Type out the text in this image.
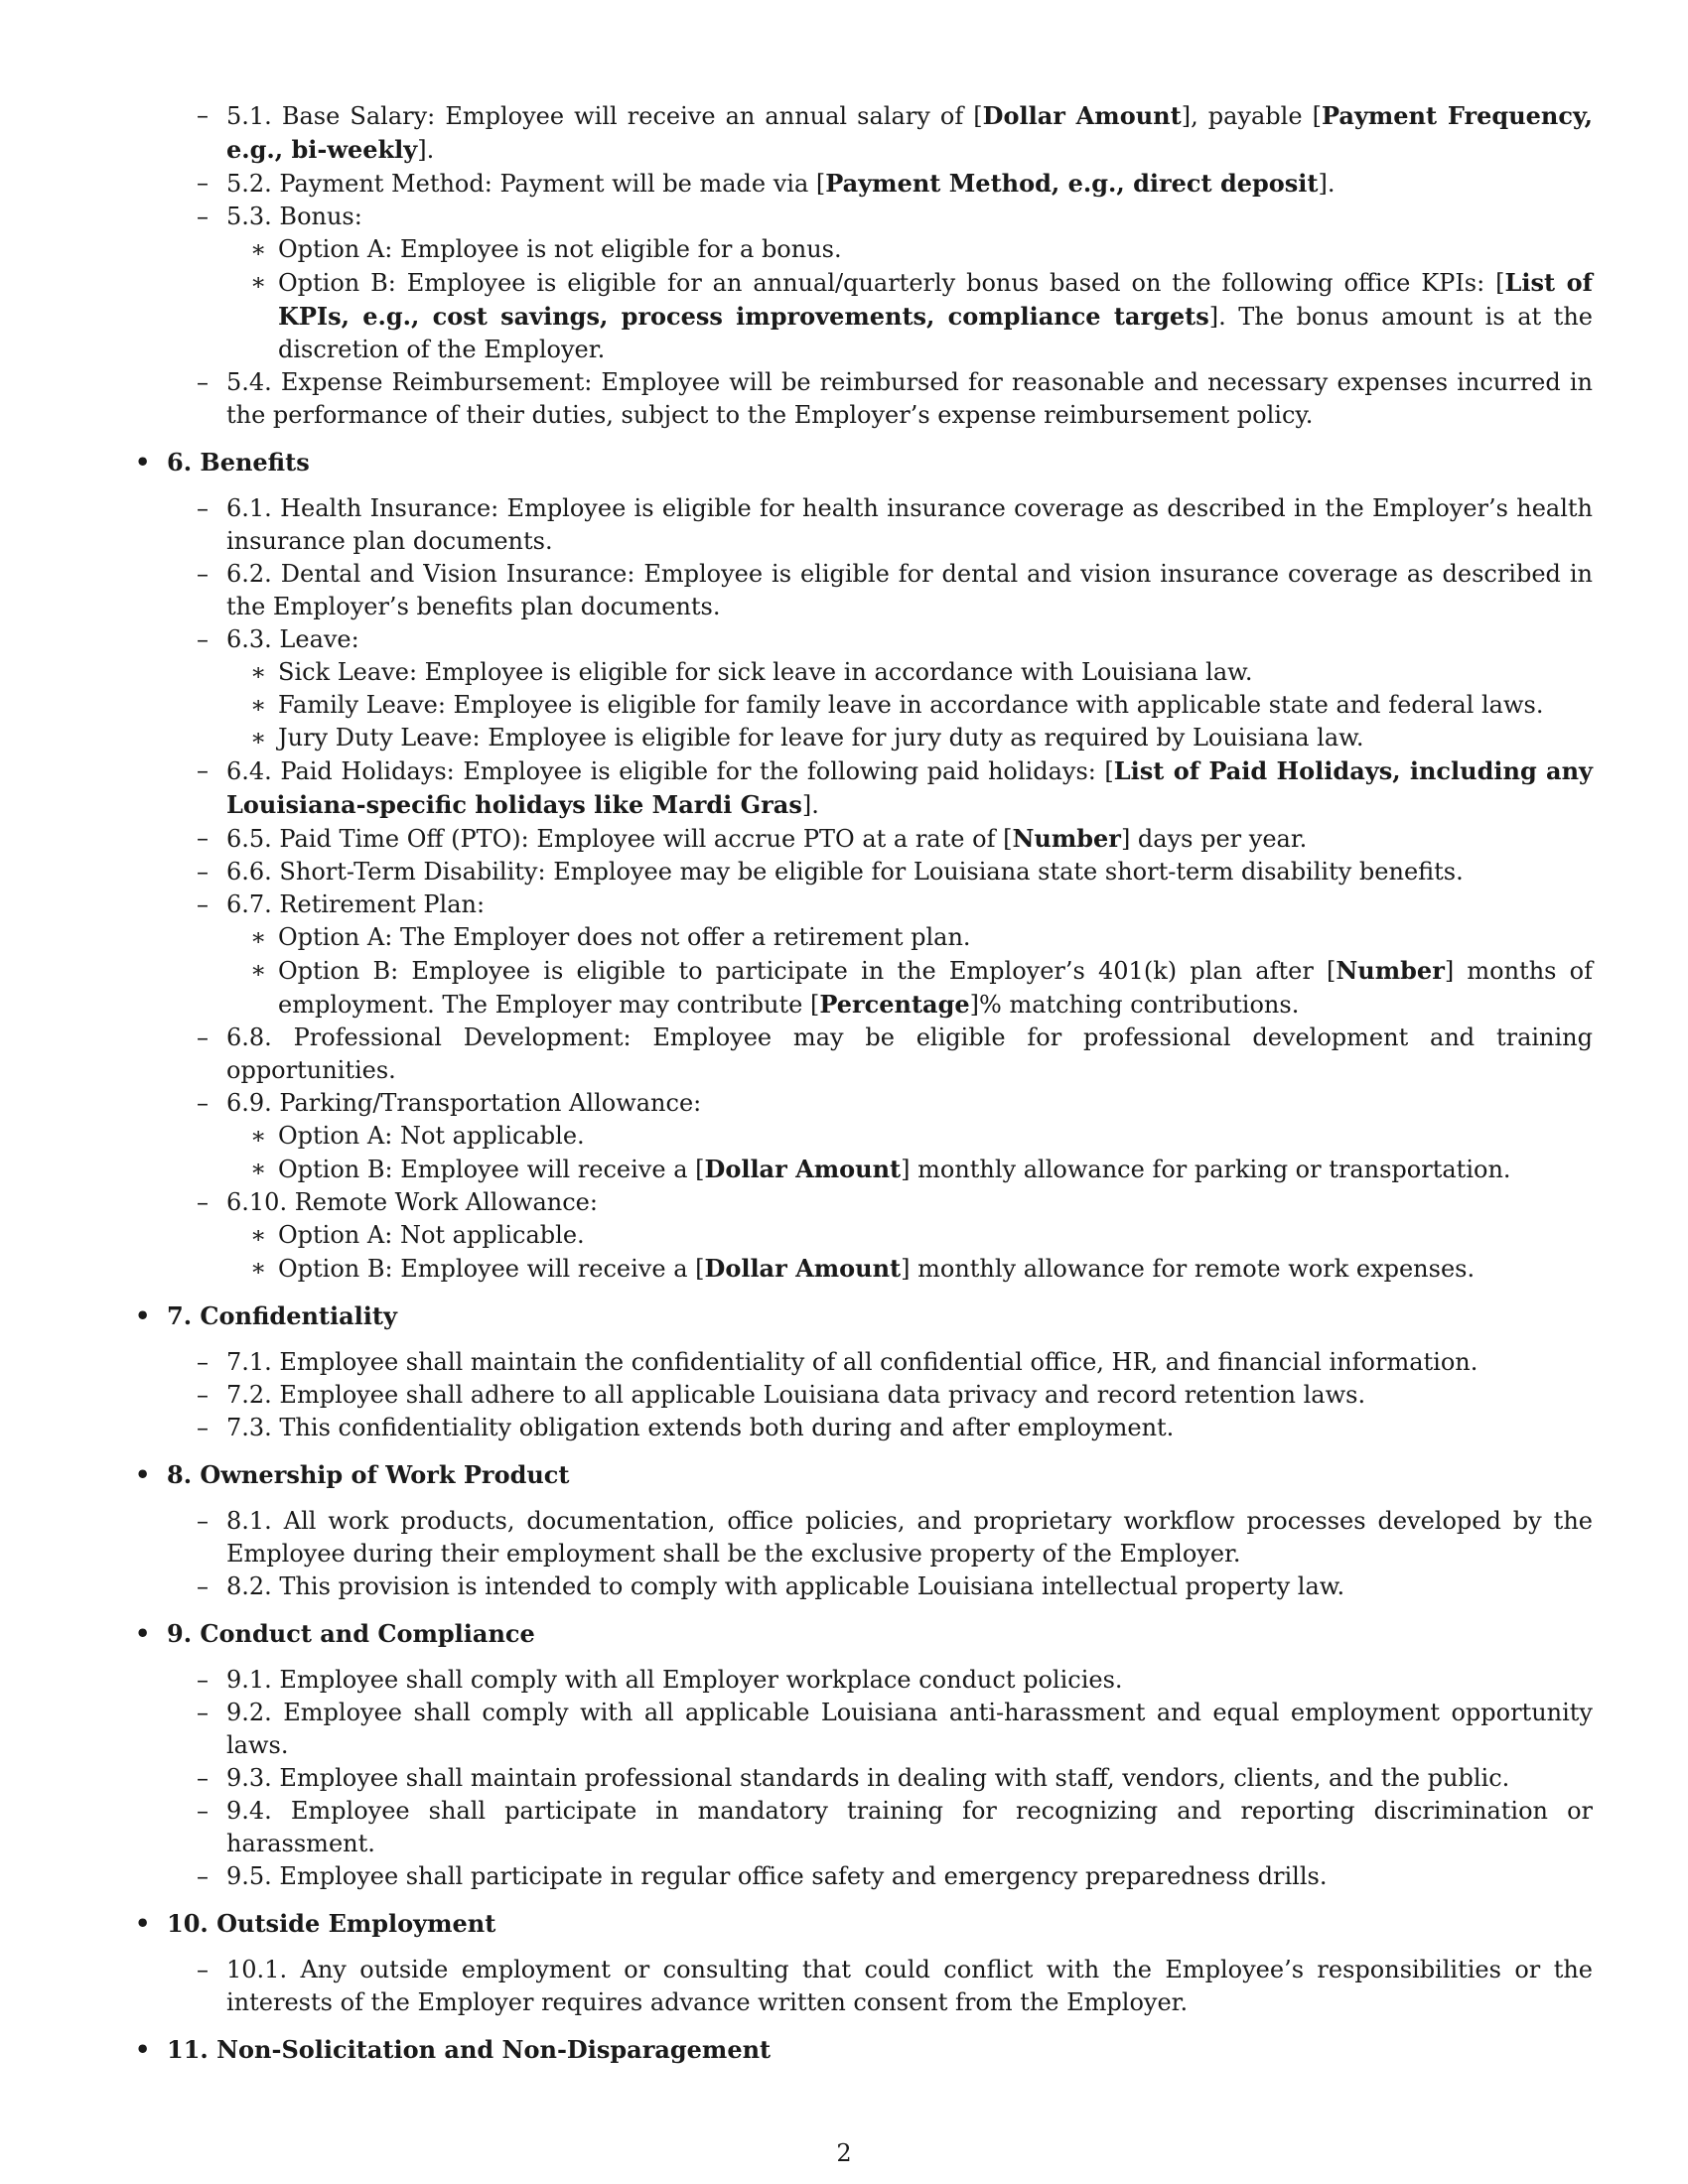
– 5.1. Base Salary: Employee will receive an annual salary of [Dollar Amount], payable [Payment Frequency, e.g., bi-weekly].
– 5.2. Payment Method: Payment will be made via [Payment Method, e.g., direct deposit].
– 5.3. Bonus:
∗ Option A: Employee is not eligible for a bonus.
∗ Option B: Employee is eligible for an annual/quarterly bonus based on the following office KPIs: [List of KPIs, e.g., cost savings, process improvements, compliance targets]. The bonus amount is at the discretion of the Employer.
– 5.4. Expense Reimbursement: Employee will be reimbursed for reasonable and necessary expenses incurred in the performance of their duties, subject to the Employer’s expense reimbursement policy.
• 6. Benefits
– 6.1. Health Insurance: Employee is eligible for health insurance coverage as described in the Employer’s health insurance plan documents.
– 6.2. Dental and Vision Insurance: Employee is eligible for dental and vision insurance coverage as described in the Employer’s benefits plan documents.
– 6.3. Leave:
∗ Sick Leave: Employee is eligible for sick leave in accordance with Louisiana law.
∗ Family Leave: Employee is eligible for family leave in accordance with applicable state and federal laws.
∗ Jury Duty Leave: Employee is eligible for leave for jury duty as required by Louisiana law.
– 6.4. Paid Holidays: Employee is eligible for the following paid holidays: [List of Paid Holidays, including any Louisiana-specific holidays like Mardi Gras].
– 6.5. Paid Time Off (PTO): Employee will accrue PTO at a rate of [Number] days per year.
– 6.6. Short-Term Disability: Employee may be eligible for Louisiana state short-term disability benefits.
– 6.7. Retirement Plan:
∗ Option A: The Employer does not offer a retirement plan.
∗ Option B: Employee is eligible to participate in the Employer’s 401(k) plan after [Number] months of employment. The Employer may contribute [Percentage]% matching contributions.
– 6.8. Professional Development: Employee may be eligible for professional development and training opportunities.
– 6.9. Parking/Transportation Allowance:
∗ Option A: Not applicable.
∗ Option B: Employee will receive a [Dollar Amount] monthly allowance for parking or transportation.
– 6.10. Remote Work Allowance:
∗ Option A: Not applicable.
∗ Option B: Employee will receive a [Dollar Amount] monthly allowance for remote work expenses.
• 7. Confidentiality
– 7.1. Employee shall maintain the confidentiality of all confidential office, HR, and financial information.
– 7.2. Employee shall adhere to all applicable Louisiana data privacy and record retention laws.
– 7.3. This confidentiality obligation extends both during and after employment.
• 8. Ownership of Work Product
– 8.1. All work products, documentation, office policies, and proprietary workflow processes developed by the Employee during their employment shall be the exclusive property of the Employer.
– 8.2. This provision is intended to comply with applicable Louisiana intellectual property law.
• 9. Conduct and Compliance
– 9.1. Employee shall comply with all Employer workplace conduct policies.
– 9.2. Employee shall comply with all applicable Louisiana anti-harassment and equal employment opportunity laws.
– 9.3. Employee shall maintain professional standards in dealing with staff, vendors, clients, and the public.
– 9.4. Employee shall participate in mandatory training for recognizing and reporting discrimination or harassment.
– 9.5. Employee shall participate in regular office safety and emergency preparedness drills.
• 10. Outside Employment
– 10.1. Any outside employment or consulting that could conflict with the Employee’s responsibilities or the interests of the Employer requires advance written consent from the Employer.
• 11. Non-Solicitation and Non-Disparagement
2
